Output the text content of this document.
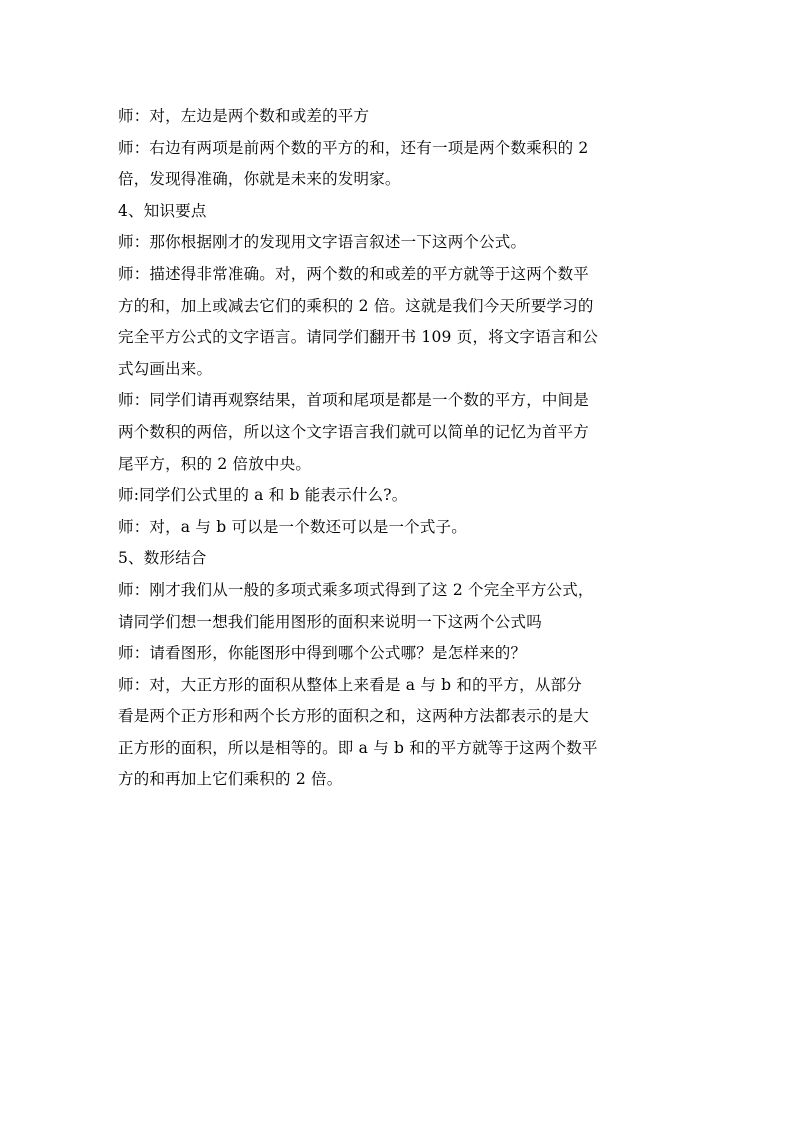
师：对，左边是两个数和或差的平方
师：右边有两项是前两个数的平方的和，还有一项是两个数乘积的 2
倍，发现得准确，你就是未来的发明家。
4、知识要点
师：那你根据刚才的发现用文字语言叙述一下这两个公式。
师：描述得非常准确。对，两个数的和或差的平方就等于这两个数平
方的和，加上或减去它们的乘积的 2 倍。这就是我们今天所要学习的
完全平方公式的文字语言。请同学们翻开书 109 页，将文字语言和公
式勾画出来。
师：同学们请再观察结果，首项和尾项是都是一个数的平方，中间是
两个数积的两倍，所以这个文字语言我们就可以简单的记忆为首平方
尾平方，积的 2 倍放中央。
师:同学们公式里的 a 和 b 能表示什么?。
师：对，a 与 b 可以是一个数还可以是一个式子。
5、数形结合
师：刚才我们从一般的多项式乘多项式得到了这 2 个完全平方公式，
请同学们想一想我们能用图形的面积来说明一下这两个公式吗
师：请看图形，你能图形中得到哪个公式哪？是怎样来的？
师：对，大正方形的面积从整体上来看是 a 与 b 和的平方，从部分
看是两个正方形和两个长方形的面积之和，这两种方法都表示的是大
正方形的面积，所以是相等的。即 a 与 b 和的平方就等于这两个数平
方的和再加上它们乘积的 2 倍。
